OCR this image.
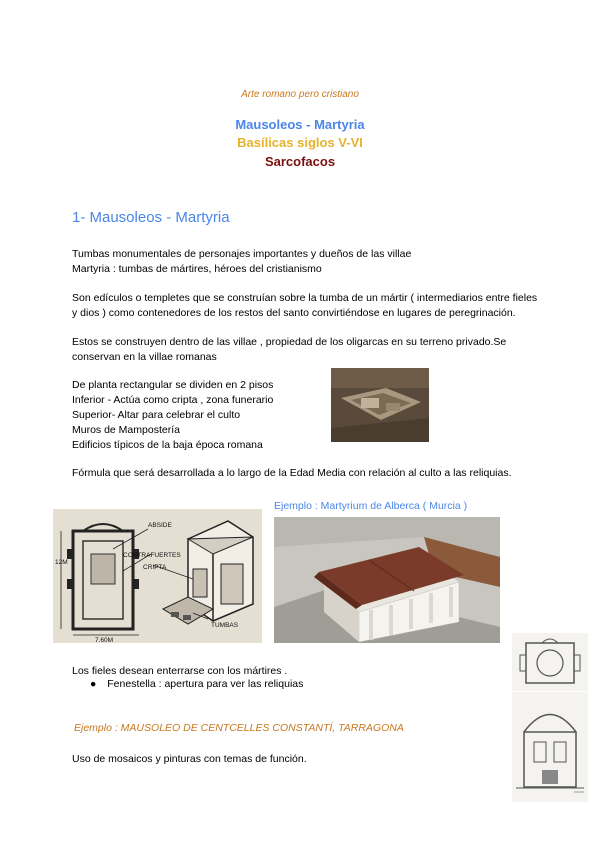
Arte romano pero cristiano
Mausoleos - Martyria
Basílicas siglos V-VI
Sarcofacos
1- Mausoleos - Martyria
Tumbas monumentales de personajes importantes y dueños de las villae
Martyria : tumbas de mártires, héroes del cristianismo
Son edículos o templetes que se construían sobre la tumba de un mártir ( intermediarios entre fieles
y dios ) como contenedores de los restos del santo convirtiéndose en lugares de peregrinación.
Estos se construyen dentro de las villae , propiedad de los oligarcas en su terreno privado.Se
conservan en la villae romanas
De planta rectangular se dividen en 2 pisos
Inferior - Actúa como cripta , zona funerario
Superior- Altar para celebrar el culto
Muros de Mampostería
Edificios típicos de la baja época romana
Fórmula que será desarrollada a lo largo de la Edad Media con relación al culto a las reliquias.
ABSIDE
CONTRAFUERTES
CRIPTA
TUMBAS
12M
7.60M
Ejemplo : Martyrium de Alberca ( Murcia )
Los fieles desean enterrarse con los mártires .
● Fenestella : apertura para ver las reliquias
Ejemplo : MAUSOLEO DE CENTCELLES CONSTANTÍ, TARRAGONA
Uso de mosaicos y pinturas con temas de función.
